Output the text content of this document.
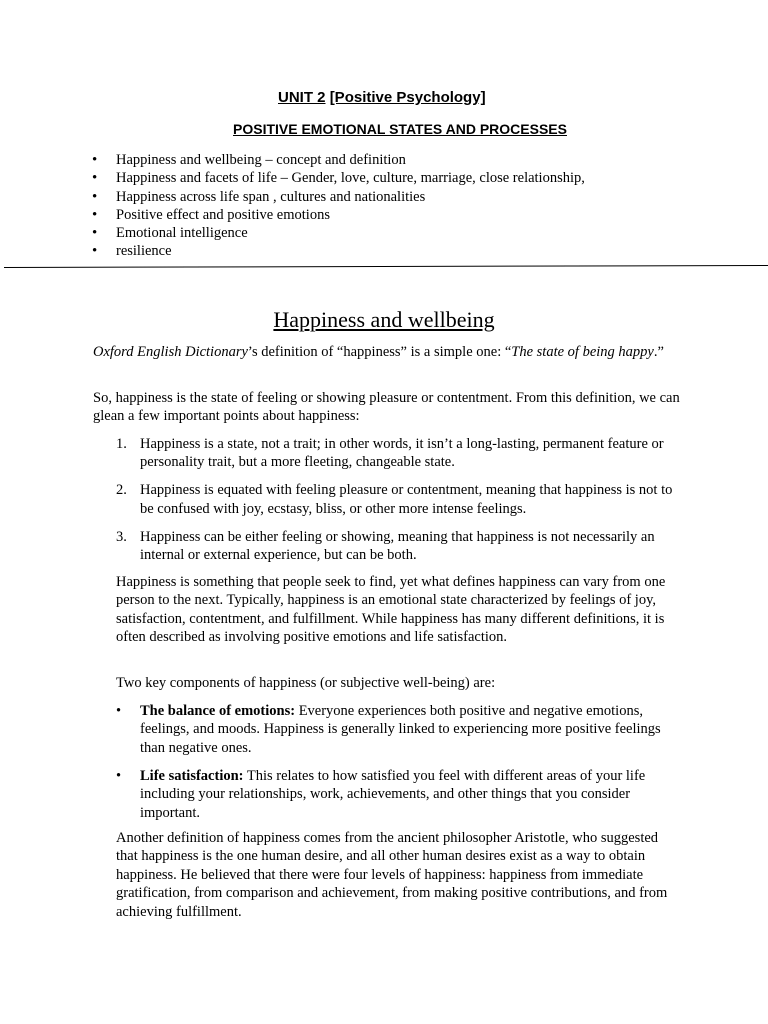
UNIT 2 [Positive Psychology]
POSITIVE EMOTIONAL STATES AND PROCESSES
• Happiness and wellbeing – concept and definition
• Happiness and facets of life – Gender, love, culture, marriage, close relationship,
• Happiness across life span , cultures and nationalities
• Positive effect and positive emotions
• Emotional intelligence
• resilience
Happiness and wellbeing

Oxford English Dictionary’s definition of “happiness” is a simple one: “The state of being happy.”

So, happiness is the state of feeling or showing pleasure or contentment. From this definition, we can glean a few important points about happiness:

1. Happiness is a state, not a trait; in other words, it isn’t a long-lasting, permanent feature or personality trait, but a more fleeting, changeable state.
2. Happiness is equated with feeling pleasure or contentment, meaning that happiness is not to be confused with joy, ecstasy, bliss, or other more intense feelings.
3. Happiness can be either feeling or showing, meaning that happiness is not necessarily an internal or external experience, but can be both.

Happiness is something that people seek to find, yet what defines happiness can vary from one person to the next. Typically, happiness is an emotional state characterized by feelings of joy, satisfaction, contentment, and fulfillment. While happiness has many different definitions, it is often described as involving positive emotions and life satisfaction.

Two key components of happiness (or subjective well-being) are:

• The balance of emotions: Everyone experiences both positive and negative emotions, feelings, and moods. Happiness is generally linked to experiencing more positive feelings than negative ones.
• Life satisfaction: This relates to how satisfied you feel with different areas of your life including your relationships, work, achievements, and other things that you consider important.

Another definition of happiness comes from the ancient philosopher Aristotle, who suggested that happiness is the one human desire, and all other human desires exist as a way to obtain happiness. He believed that there were four levels of happiness: happiness from immediate gratification, from comparison and achievement, from making positive contributions, and from achieving fulfillment.
